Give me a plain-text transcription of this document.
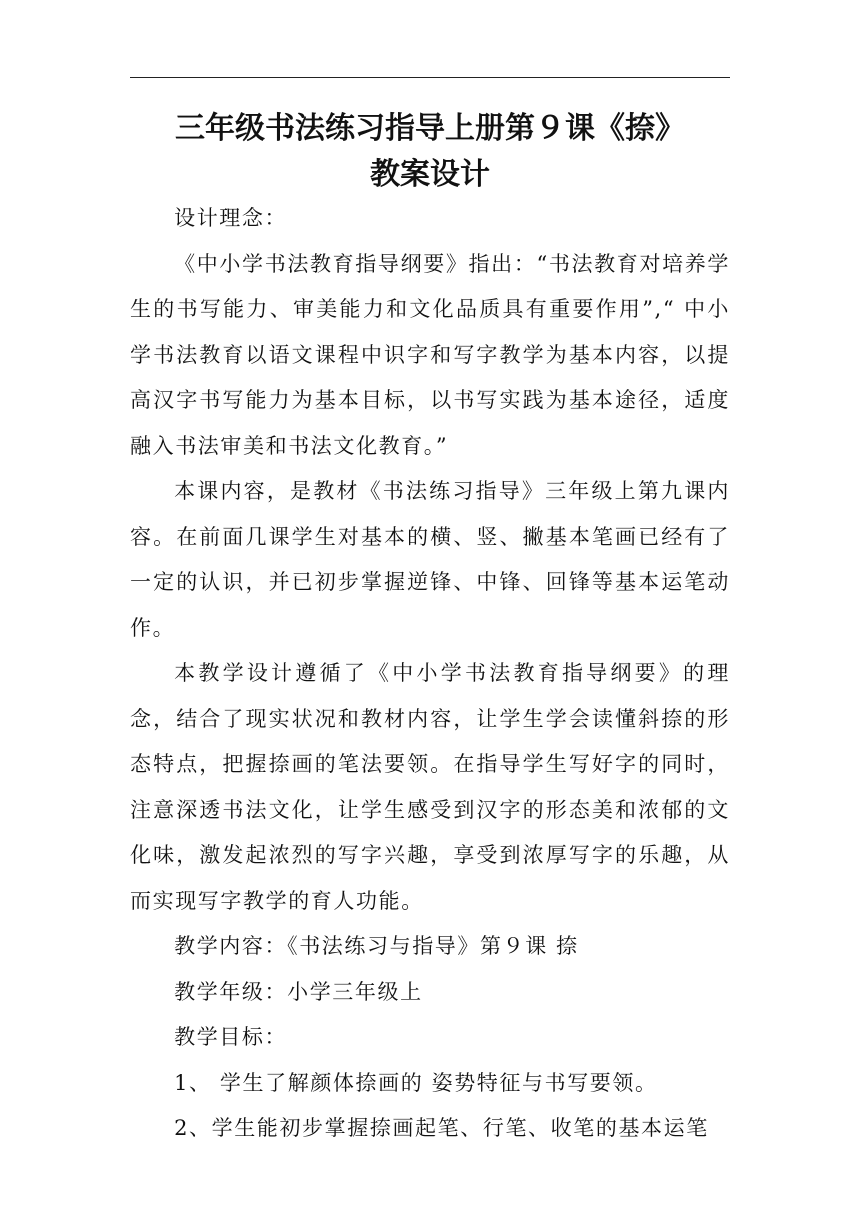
三年级书法练习指导上册第９课《捺》
教案设计

设计理念：

《中小学书法教育指导纲要》指出：“书法教育对培养学生的书写能力、审美能力和文化品质具有重要作用”,“ 中小学书法教育以语文课程中识字和写字教学为基本内容，以提高汉字书写能力为基本目标，以书写实践为基本途径，适度融入书法审美和书法文化教育。”

本课内容，是教材《书法练习指导》三年级上第九课内容。在前面几课学生对基本的横、竖、撇基本笔画已经有了一定的认识，并已初步掌握逆锋、中锋、回锋等基本运笔动作。

本教学设计遵循了《中小学书法教育指导纲要》的理念，结合了现实状况和教材内容，让学生学会读懂斜捺的形态特点，把握捺画的笔法要领。在指导学生写好字的同时，注意深透书法文化，让学生感受到汉字的形态美和浓郁的文化味，激发起浓烈的写字兴趣，享受到浓厚写字的乐趣，从而实现写字教学的育人功能。

教学内容：《书法练习与指导》第９课 捺

教学年级：小学三年级上

教学目标：

1、 学生了解颜体捺画的 姿势特征与书写要领。

2、学生能初步掌握捺画起笔、行笔、收笔的基本运笔
